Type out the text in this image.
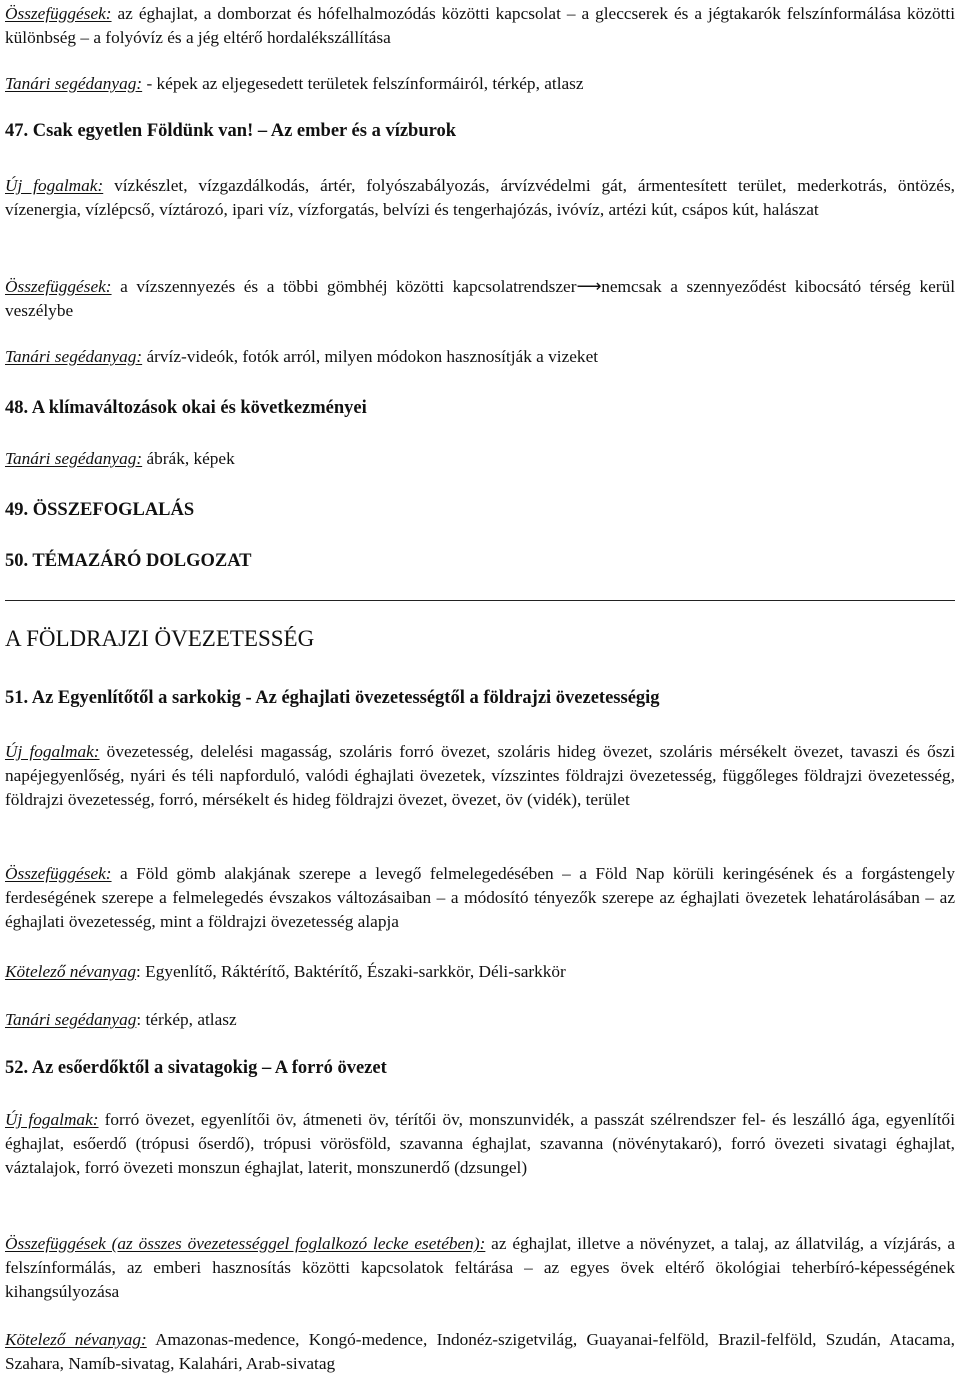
Összefüggések: az éghajlat, a domborzat és hófelhalmozódás közötti kapcsolat – a gleccserek és a jégtakarók felszínformálása közötti különbség – a folyóvíz és a jég eltérő hordalékszállítása

Tanári segédanyag: - képek az eljegesedett területek felszínformáiról, térkép, atlasz

47. Csak egyetlen Földünk van! – Az ember és a vízburok

Új fogalmak: vízkészlet, vízgazdálkodás, ártér, folyószabályozás, árvízvédelmi gát, ármentesített terület, mederkotrás, öntözés, vízenergia, vízlépcső, víztározó, ipari víz, vízforgatás, belvízi és tengerhajózás, ivóvíz, artézi kút, csápos kút, halászat

Összefüggések: a vízszennyezés és a többi gömbhéj közötti kapcsolatrendszer⟶nemcsak a szennyeződést kibocsátó térség kerül veszélybe

Tanári segédanyag: árvíz-videók, fotók arról, milyen módokon hasznosítják a vizeket

48. A klímaváltozások okai és következményei

Tanári segédanyag: ábrák, képek

49. ÖSSZEFOGLALÁS

50. TÉMAZÁRÓ DOLGOZAT

A FÖLDRAJZI ÖVEZETESSÉG

51. Az Egyenlítőtől a sarkokig - Az éghajlati övezetességtől a földrajzi övezetességig

Új fogalmak: övezetesség, delelési magasság, szoláris forró övezet, szoláris hideg övezet, szoláris mérsékelt övezet, tavaszi és őszi napéjegyenlőség, nyári és téli napforduló, valódi éghajlati övezetek, vízszintes földrajzi övezetesség, függőleges földrajzi övezetesség, földrajzi övezetesség, forró, mérsékelt és hideg földrajzi övezet, övezet, öv (vidék), terület

Összefüggések: a Föld gömb alakjának szerepe a levegő felmelegedésében – a Föld Nap körüli keringésének és a forgástengely ferdeségének szerepe a felmelegedés évszakos változásaiban – a módosító tényezők szerepe az éghajlati övezetek lehatárolásában – az éghajlati övezetesség, mint a földrajzi övezetesség alapja

Kötelező névanyag: Egyenlítő, Ráktérítő, Baktérítő, Északi-sarkkör, Déli-sarkkör

Tanári segédanyag: térkép, atlasz

52. Az esőerdőktől a sivatagokig – A forró övezet

Új fogalmak: forró övezet, egyenlítői öv, átmeneti öv, térítői öv, monszunvidék, a passzát szélrendszer fel- és leszálló ága, egyenlítői éghajlat, esőerdő (trópusi őserdő), trópusi vörösföld, szavanna éghajlat, szavanna (növénytakaró), forró övezeti sivatagi éghajlat, váztalajok, forró övezeti monszun éghajlat, laterit, monszunerdő (dzsungel)

Összefüggések (az összes övezetességgel foglalkozó lecke esetében): az éghajlat, illetve a növényzet, a talaj, az állatvilág, a vízjárás, a felszínformálás, az emberi hasznosítás közötti kapcsolatok feltárása – az egyes övek eltérő ökológiai teherbíró-képességének kihangsúlyozása

Kötelező névanyag: Amazonas-medence, Kongó-medence, Indonéz-szigetvilág, Guayanai-felföld, Brazil-felföld, Szudán, Atacama, Szahara, Namíb-sivatag, Kalahári, Arab-sivatag
